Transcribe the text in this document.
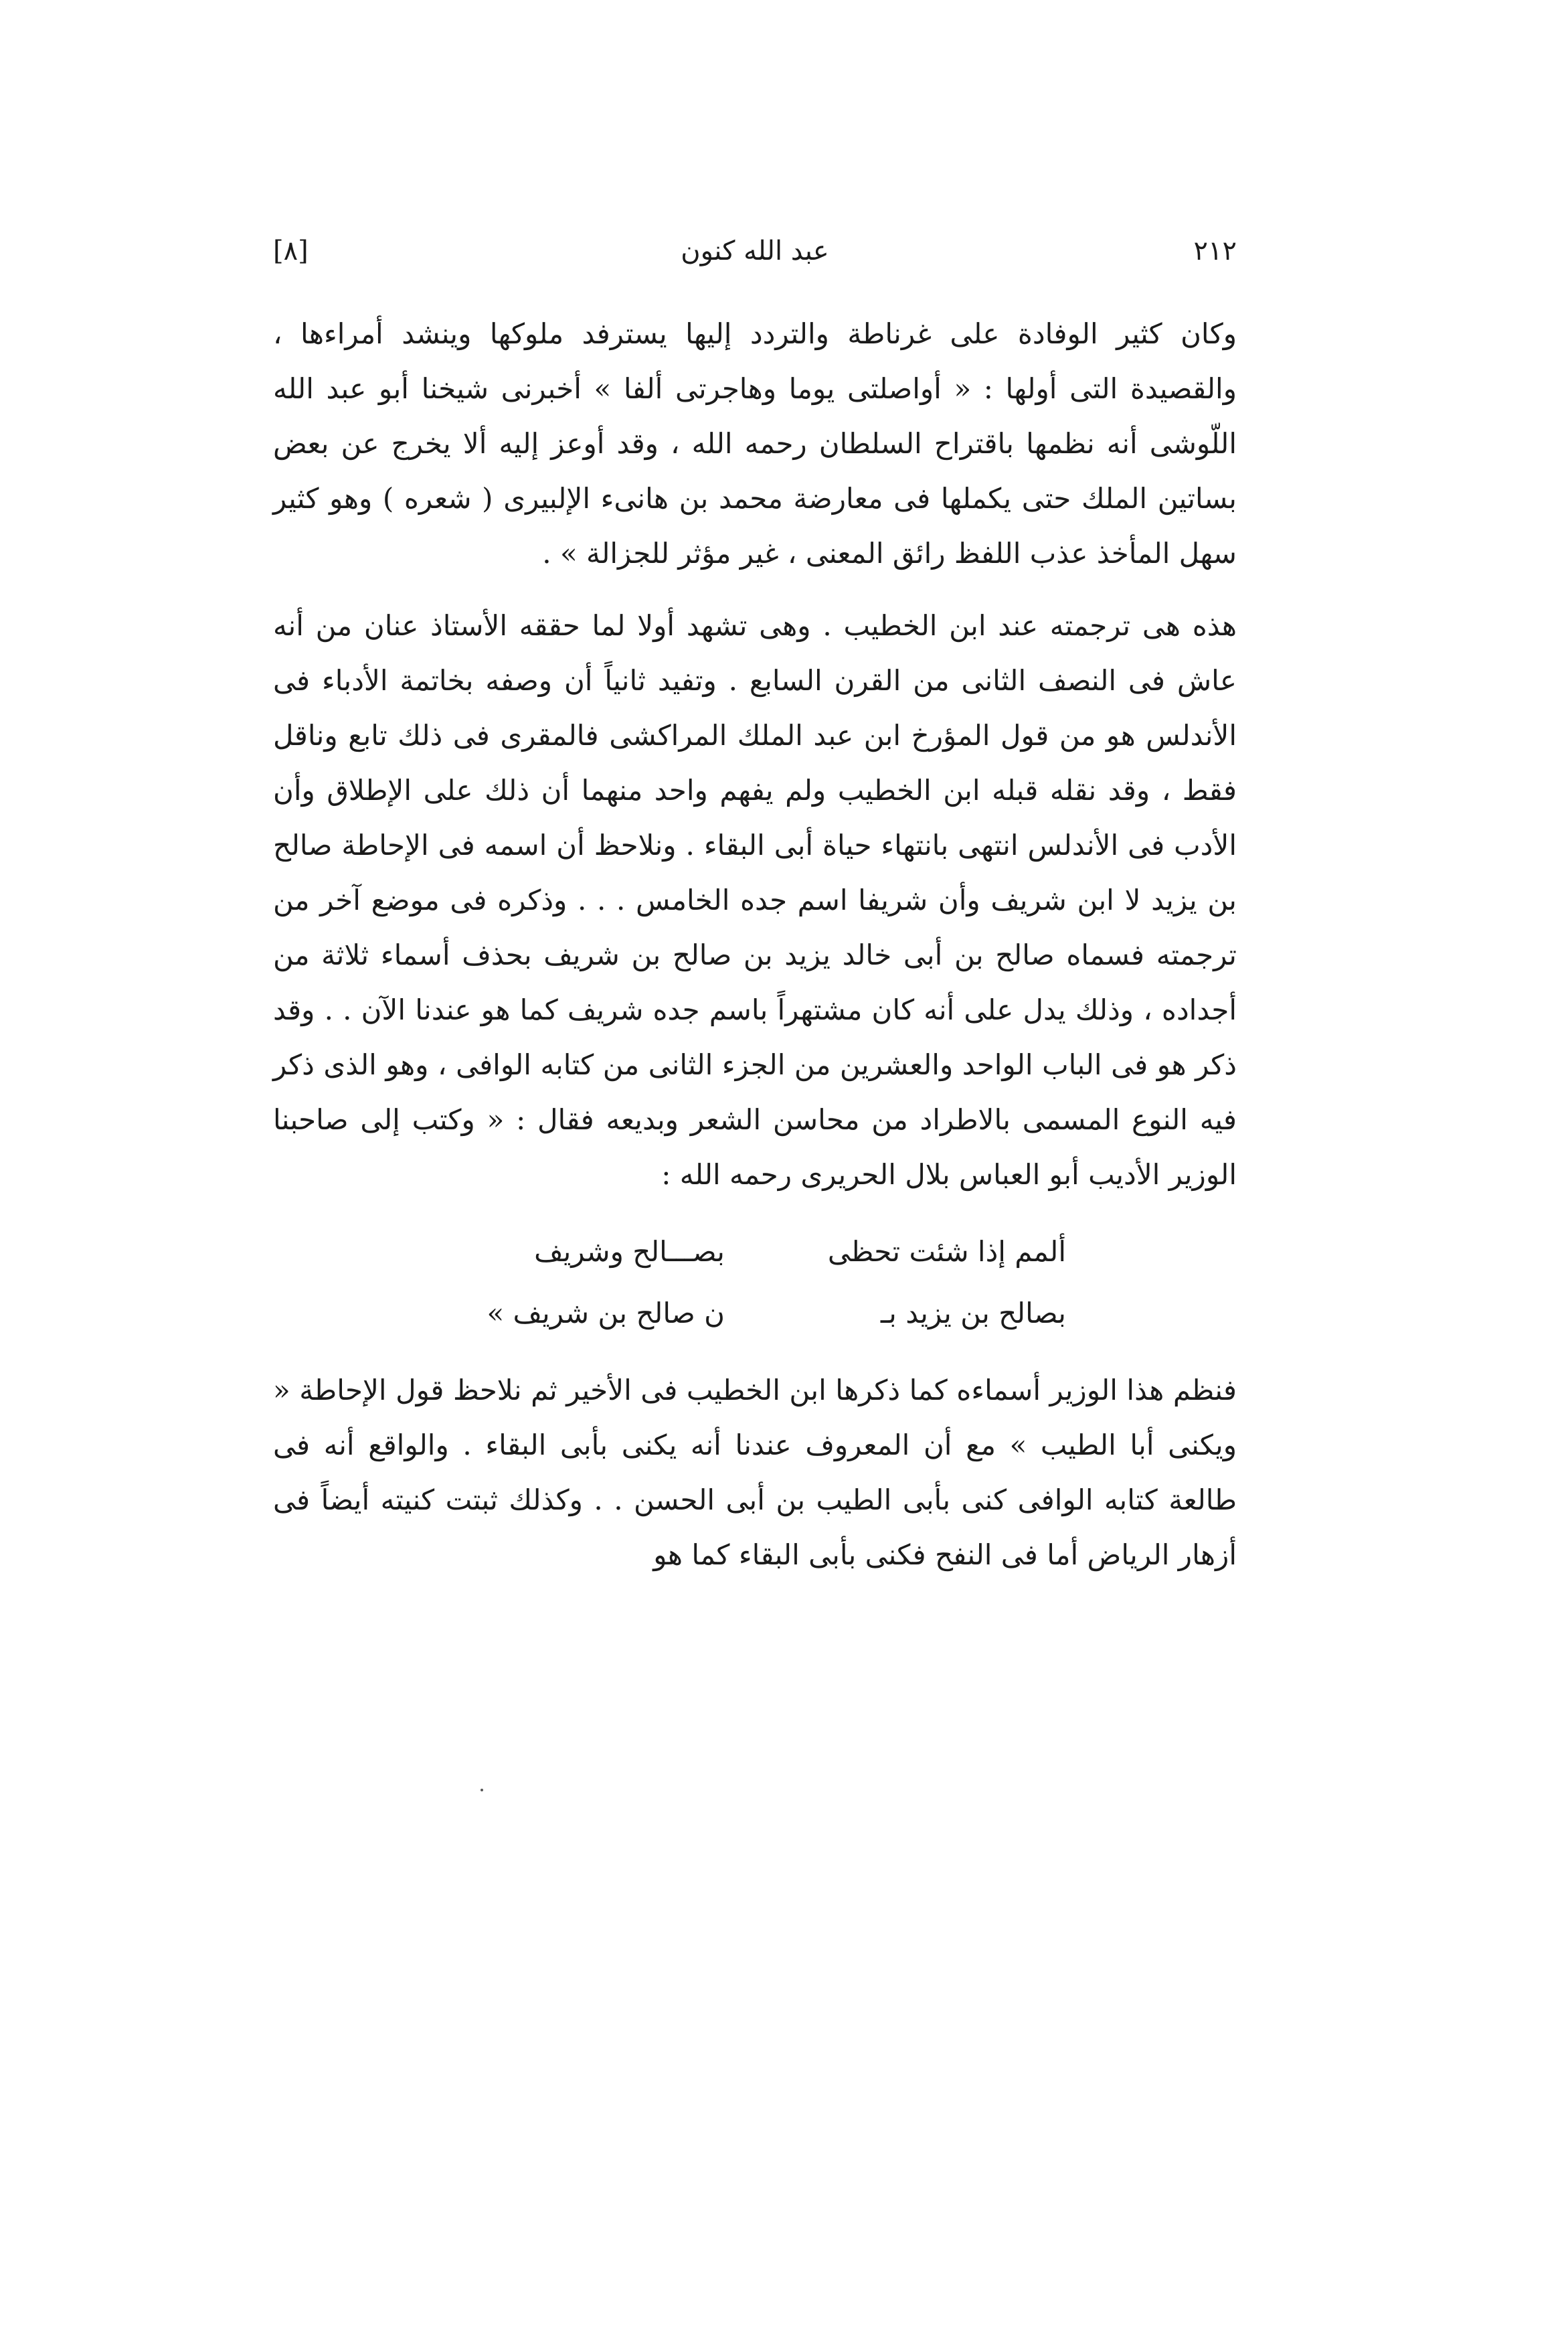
٢١٢
عبد الله كنون
[٨]

وكان كثير الوفادة على غرناطة والتردد إليها يسترفد ملوكها وينشد أمراءها ، والقصيدة التى أولها : « أواصلتى يوما وهاجرتى ألفا » أخبرنى شيخنا أبو عبد الله اللّوشى أنه نظمها باقتراح السلطان رحمه الله ، وقد أوعز إليه ألا يخرج عن بعض بساتين الملك حتى يكملها فى معارضة محمد بن هانىء الإلبيرى ( شعره ) وهو كثير سهل المأخذ عذب اللفظ رائق المعنى ، غير مؤثر للجزالة » .

هذه هى ترجمته عند ابن الخطيب . وهى تشهد أولا لما حققه الأستاذ عنان من أنه عاش فى النصف الثانى من القرن السابع . وتفيد ثانياً أن وصفه بخاتمة الأدباء فى الأندلس هو من قول المؤرخ ابن عبد الملك المراكشى فالمقرى فى ذلك تابع وناقل فقط ، وقد نقله قبله ابن الخطيب ولم يفهم واحد منهما أن ذلك على الإطلاق وأن الأدب فى الأندلس انتهى بانتهاء حياة أبى البقاء . ونلاحظ أن اسمه فى الإحاطة صالح بن يزيد لا ابن شريف وأن شريفا اسم جده الخامس . . . وذكره فى موضع آخر من ترجمته فسماه صالح بن أبى خالد يزيد بن صالح بن شريف بحذف أسماء ثلاثة من أجداده ، وذلك يدل على أنه كان مشتهراً باسم جده شريف كما هو عندنا الآن . . وقد ذكر هو فى الباب الواحد والعشرين من الجزء الثانى من كتابه الوافى ، وهو الذى ذكر فيه النوع المسمى بالاطراد من محاسن الشعر وبديعه فقال : « وكتب إلى صاحبنا الوزير الأديب أبو العباس بلال الحريرى رحمه الله :

ألمم إذا شئت تحظى
بصـــالح وشريف
بصالح بن يزيد بـ
ن صالح بن شريف »

فنظم هذا الوزير أسماءه كما ذكرها ابن الخطيب فى الأخير ثم نلاحظ قول الإحاطة « ويكنى أبا الطيب » مع أن المعروف عندنا أنه يكنى بأبى البقاء . والواقع أنه فى طالعة كتابه الوافى كنى بأبى الطيب بن أبى الحسن . . وكذلك ثبتت كنيته أيضاً فى أزهار الرياض أما فى النفح فكنى بأبى البقاء كما هو
